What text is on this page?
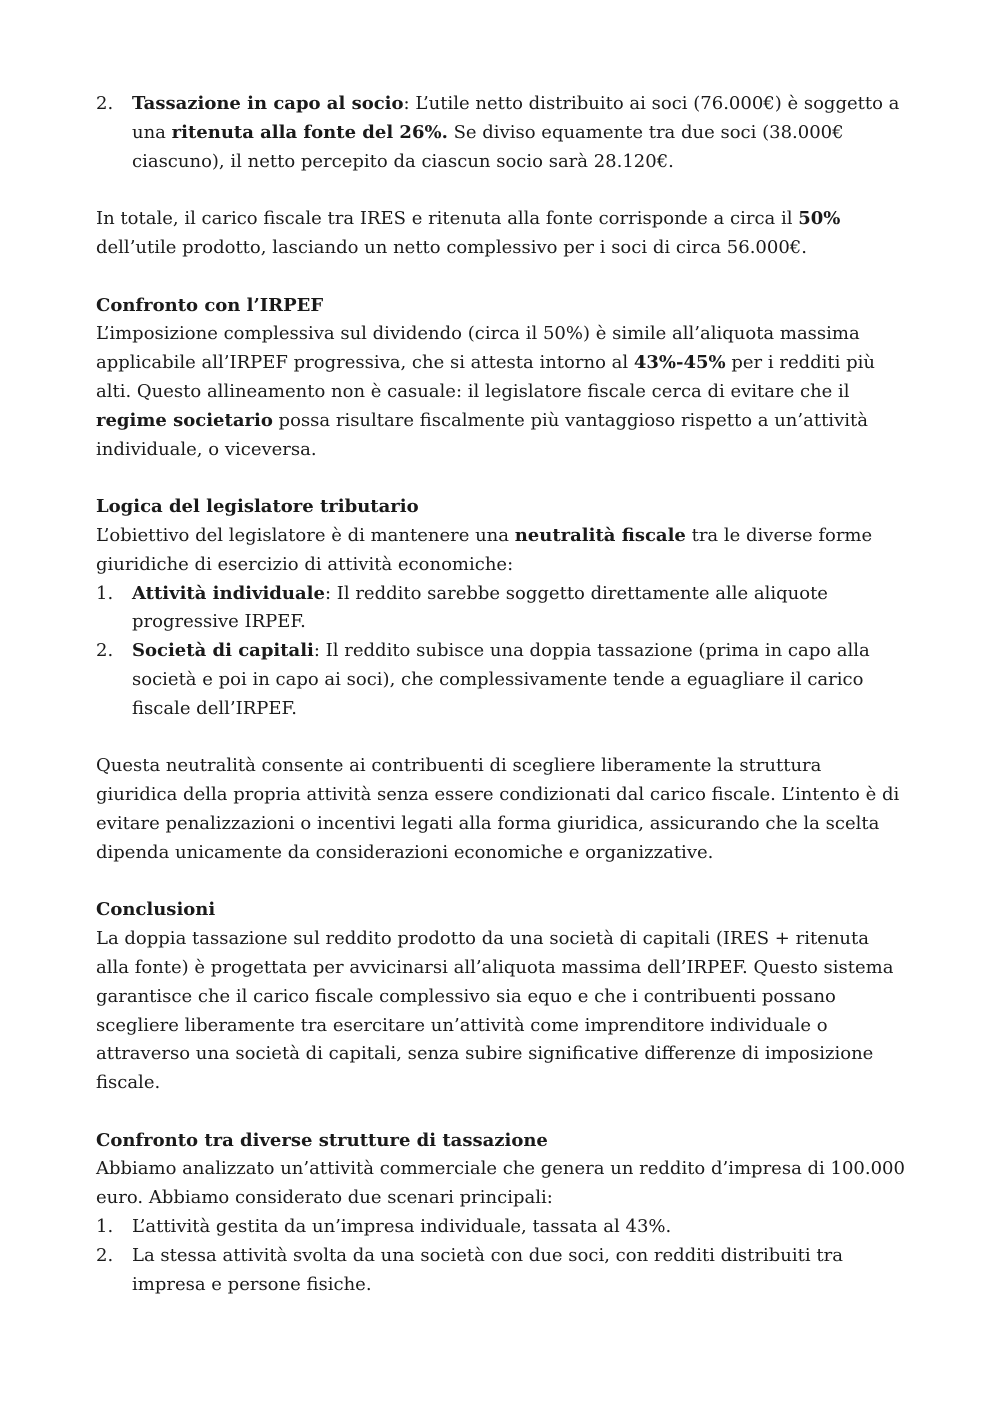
2. Tassazione in capo al socio: L’utile netto distribuito ai soci (76.000€) è soggetto a una ritenuta alla fonte del 26%. Se diviso equamente tra due soci (38.000€ ciascuno), il netto percepito da ciascun socio sarà 28.120€.

In totale, il carico fiscale tra IRES e ritenuta alla fonte corrisponde a circa il 50% dell’utile prodotto, lasciando un netto complessivo per i soci di circa 56.000€.

Confronto con l’IRPEF

L’imposizione complessiva sul dividendo (circa il 50%) è simile all’aliquota massima applicabile all’IRPEF progressiva, che si attesta intorno al 43%-45% per i redditi più alti. Questo allineamento non è casuale: il legislatore fiscale cerca di evitare che il regime societario possa risultare fiscalmente più vantaggioso rispetto a un’attività individuale, o viceversa.

Logica del legislatore tributario

L’obiettivo del legislatore è di mantenere una neutralità fiscale tra le diverse forme giuridiche di esercizio di attività economiche:

1. Attività individuale: Il reddito sarebbe soggetto direttamente alle aliquote progressive IRPEF.
2. Società di capitali: Il reddito subisce una doppia tassazione (prima in capo alla società e poi in capo ai soci), che complessivamente tende a eguagliare il carico fiscale dell’IRPEF.

Questa neutralità consente ai contribuenti di scegliere liberamente la struttura giuridica della propria attività senza essere condizionati dal carico fiscale. L’intento è di evitare penalizzazioni o incentivi legati alla forma giuridica, assicurando che la scelta dipenda unicamente da considerazioni economiche e organizzative.

Conclusioni

La doppia tassazione sul reddito prodotto da una società di capitali (IRES + ritenuta alla fonte) è progettata per avvicinarsi all’aliquota massima dell’IRPEF. Questo sistema garantisce che il carico fiscale complessivo sia equo e che i contribuenti possano scegliere liberamente tra esercitare un’attività come imprenditore individuale o attraverso una società di capitali, senza subire significative differenze di imposizione fiscale.

Confronto tra diverse strutture di tassazione

Abbiamo analizzato un’attività commerciale che genera un reddito d’impresa di 100.000 euro. Abbiamo considerato due scenari principali:

1. L’attività gestita da un’impresa individuale, tassata al 43%.
2. La stessa attività svolta da una società con due soci, con redditi distribuiti tra impresa e persone fisiche.
